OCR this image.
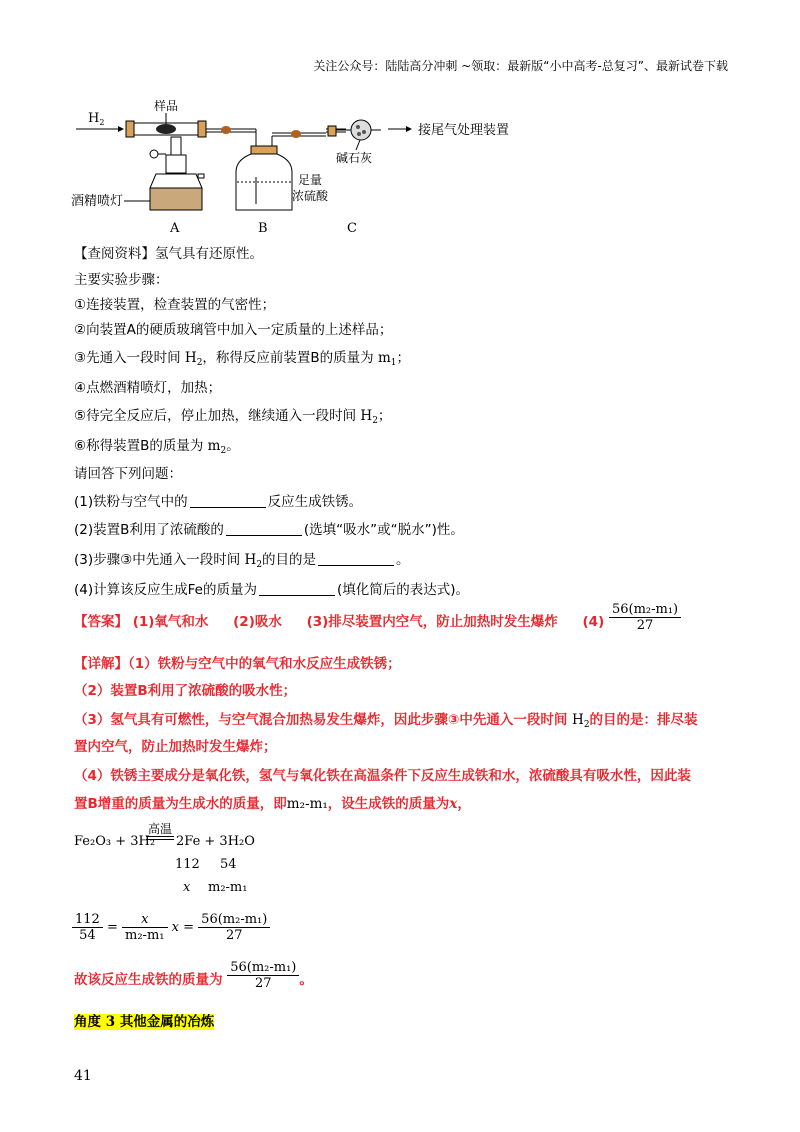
关注公众号：陆陆高分冲刺 ~领取：最新版“小中高考-总复习”、最新试卷下载
$H_2$
样品
酒精喷灯
A
足量
浓硫酸
B
碱石灰
接尾气处理装置
C
【查阅资料】氢气具有还原性。
主要实验步骤：
①连接装置，检查装置的气密性；
②向装置A的硬质玻璃管中加入一定质量的上述样品；
③先通入一段时间 $H_2$，称得反应前装置B的质量为 $m_1$；
④点燃酒精喷灯，加热；
⑤待完全反应后，停止加热，继续通入一段时间 $H_2$；
⑥称得装置B的质量为 $m_2$。
请回答下列问题：
(1)铁粉与空气中的	反应生成铁锈。
(2)装置B利用了浓硫酸的	(选填“吸水”或“脱水”)性。
(3)步骤③中先通入一段时间 $H_2$的目的是	。
(4)计算该反应生成Fe的质量为	(填化简后的表达式)。
【答案】 (1)氧气和水 (2)吸水 (3)排尽装置内空气，防止加热时发生爆炸 $(4) \frac{\text{56(m₂-m₁)}}{27}$
【详解】（1）铁粉与空气中的氧气和水反应生成铁锈；
（2）装置B利用了浓硫酸的吸水性；
（3）氢气具有可燃性，与空气混合加热易发生爆炸，因此步骤③中先通入一段时间 $H_2$的目的是：排尽装
置内空气，防止加热时发生爆炸；
（4）铁锈主要成分是氧化铁，氢气与氧化铁在高温条件下反应生成铁和水，浓硫酸具有吸水性，因此装
置B增重的质量为生成水的质量，即m₂-m₁，设生成铁的质量为x，
Fe₂O₃ + 3H₂
高温
2Fe + 3H₂O
112 54
x m₂-m₁
$\frac{112}{54} = \frac{x}{\text{m₂-m₁}}$ $x = \frac{\text{56(m₂-m₁)}}{27}$
故该反应生成铁的质量为 $\frac{\text{56(m₂-m₁)}}{27}$ 。
角度 3 其他金属的冶炼
41
